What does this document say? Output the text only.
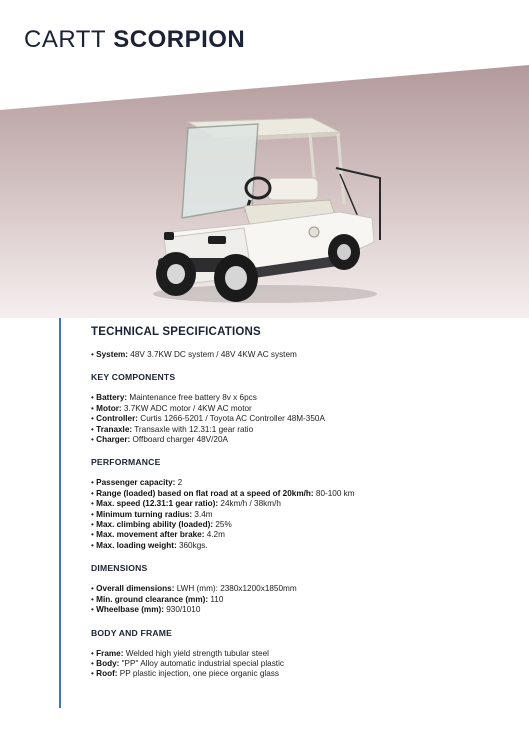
CARTT SCORPION
TECHNICAL SPECIFICATIONS
• System: 48V 3.7KW DC system / 48V 4KW AC system
KEY COMPONENTS
• Battery: Maintenance free battery 8v x 6pcs
• Motor: 3.7KW ADC motor / 4KW AC motor
• Controller: Curtis 1266-5201 / Toyota AC Controller 48M-350A
• Tranaxle: Transaxle with 12.31:1 gear ratio
• Charger: Offboard charger 48V/20A
PERFORMANCE
• Passenger capacity: 2
• Range (loaded) based on flat road at a speed of 20km/h: 80-100 km
• Max. speed (12.31:1 gear ratio): 24km/h / 38km/h
• Minimum turning radius: 3.4m
• Max. climbing ability (loaded): 25%
• Max. movement after brake: 4.2m
• Max. loading weight: 360kgs.
DIMENSIONS
• Overall dimensions: LWH (mm): 2380x1200x1850mm
• Min. ground clearance (mm): 110
• Wheelbase (mm): 930/1010
BODY AND FRAME
• Frame: Welded high yield strength tubular steel
• Body: "PP" Alloy automatic industrial special plastic
• Roof: PP plastic injection, one piece organic glass
